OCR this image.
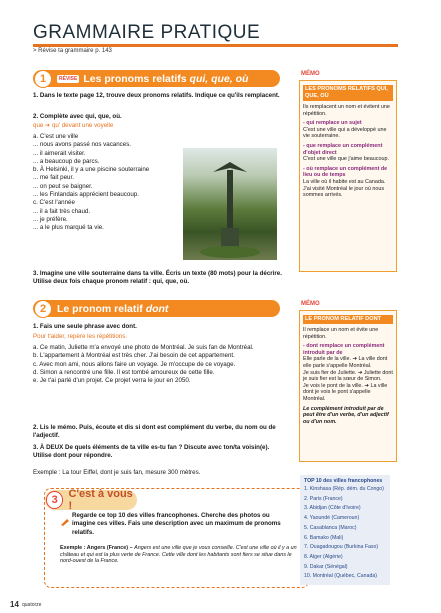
GRAMMAIRE PRATIQUE
> Révise ta grammaire p. 143
1	RÉVISE Les pronoms relatifs qui, que, où
1. Dans le texte page 12, trouve deux pronoms relatifs. Indique ce qu'ils remplacent.
2. Complète avec qui, que, où.
que ➔ qu' devant une voyelle
a. C'est une ville
... nous avons passé nos vacances.
... il aimerait visiter.
... a beaucoup de parcs.
b. À Helsinki, il y a une piscine souterraine
... me fait peur.
... on peut se baigner.
... les Finlandais apprécient beaucoup.
c. C'est l'année
... il a fait très chaud.
... je préfère.
... a le plus marqué ta vie.
3. Imagine une ville souterraine dans ta ville. Écris un texte (80 mots) pour la décrire. Utilise deux fois chaque pronom relatif : qui, que, où.
MÉMO
LES PRONOMS RELATIFS QUI, QUE, OÙ
Ils remplacent un nom et évitent une répétition.
- qui remplace un sujet
C'est une ville qui a développé une vie souterraine.
- que remplace un complément d'objet direct
C'est une ville que j'aime beaucoup.
- où remplace un complément de lieu ou de temps
La ville où il habite est au Canada.
J'ai visité Montréal le jour où nous sommes arrivés.
2	Le pronom relatif dont
1. Fais une seule phrase avec dont.
Pour t'aider, repère les répétitions.
a. Ce matin, Juliette m'a envoyé une photo de Montréal. Je suis fan de Montréal.
b. L'appartement à Montréal est très cher. J'ai besoin de cet appartement.
c. Avec mon ami, nous allons faire un voyage. Je m'occupe de ce voyage.
d. Simon a rencontré une fille. Il est tombé amoureux de cette fille.
e. Je t'ai parlé d'un projet. Ce projet verra le jour en 2050.
2. Lis le mémo. Puis, écoute et dis si dont est complément du verbe, du nom ou de l'adjectif.
3. À DEUX De quels éléments de ta ville es-tu fan ? Discute avec ton/ta voisin(e). Utilise dont pour répondre.
Exemple : La tour Eiffel, dont je suis fan, mesure 300 mètres.
MÉMO
LE PRONOM RELATIF DONT
Il remplace un nom et évite une répétition.
- dont remplace un complément introduit par de
Elle parle de la ville. ➔ La ville dont elle parle s'appelle Montréal.
Je suis fier de Juliette. ➔ Juliette dont je suis fier est la sœur de Simon.
Je vois le pont de la ville. ➔ La ville dont je vois le pont s'appelle Montréal.
Le complément introduit par de peut être d'un verbe, d'un adjectif ou d'un nom.
3 C'est à vous !
Regarde ce top 10 des villes francophones. Cherche des photos ou imagine ces villes. Fais une description avec un maximum de pronoms relatifs.
Exemple : Angers (France) – Angers est une ville que je vous conseille. C'est une ville où il y a un château et qui est la plus verte de France. Cette ville dont les habitants sont fiers se situe dans le nord-ouest de la France.
TOP 10 des villes francophones
1. Kinshasa (Rép. dém. du Congo)
2. Paris (France)
3. Abidjan (Côte d'Ivoire)
4. Yaoundé (Cameroun)
5. Casablanca (Maroc)
6. Bamako (Mali)
7. Ouagadougou (Burkina Faso)
8. Alger (Algérie)
9. Dakar (Sénégal)
10. Montréal (Québec, Canada)
14 quatorze
